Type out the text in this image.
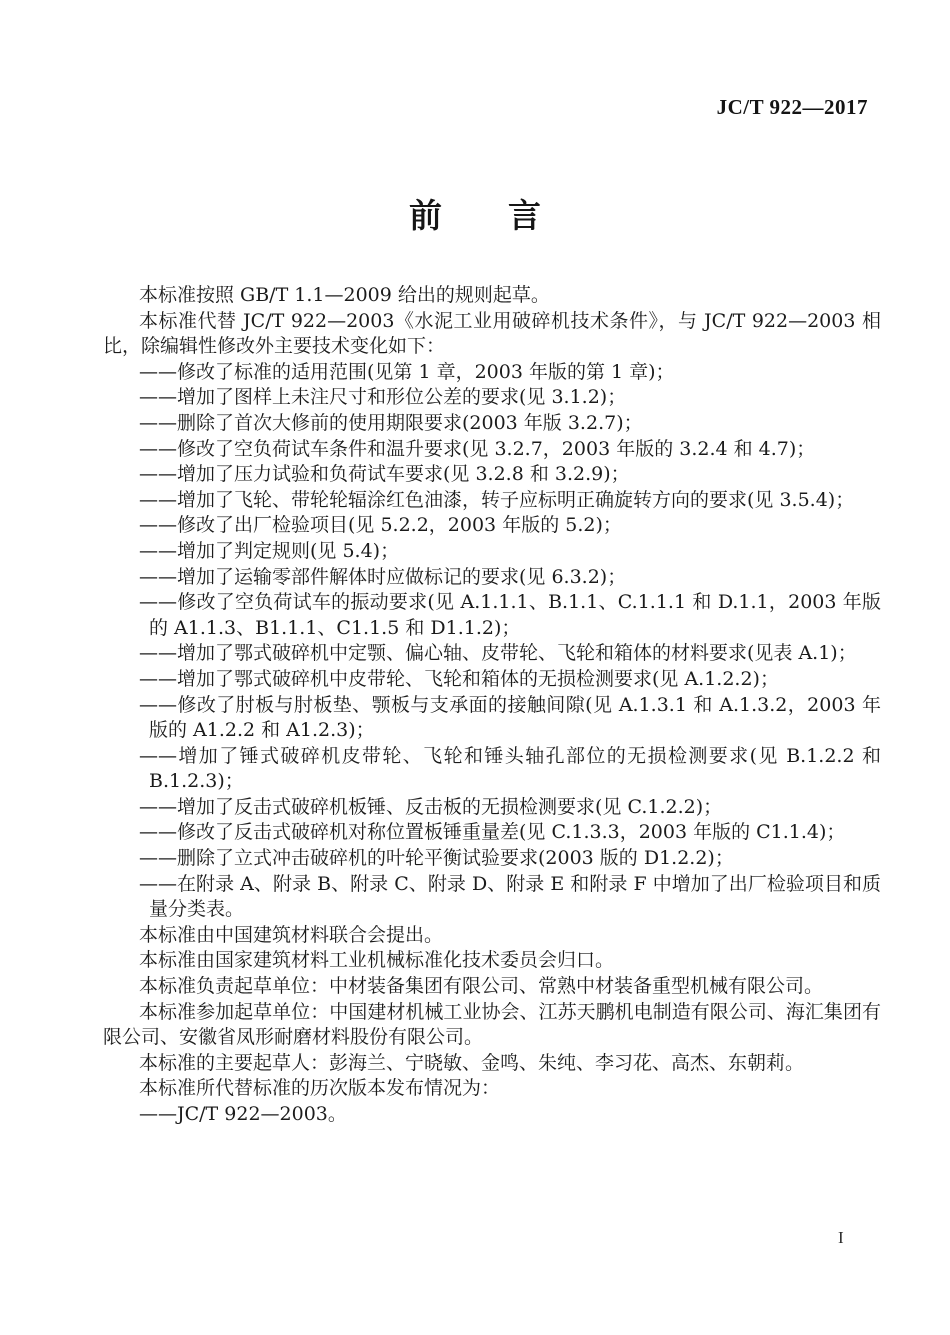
JC/T 922—2017
前　　言
本标准按照 GB/T 1.1—2009 给出的规则起草。
本标准代替 JC/T 922—2003《水泥工业用破碎机技术条件》，与 JC/T 922—2003 相比，除编辑性修改外主要技术变化如下：
——修改了标准的适用范围(见第 1 章，2003 年版的第 1 章)；
——增加了图样上未注尺寸和形位公差的要求(见 3.1.2)；
——删除了首次大修前的使用期限要求(2003 年版 3.2.7)；
——修改了空负荷试车条件和温升要求(见 3.2.7，2003 年版的 3.2.4 和 4.7)；
——增加了压力试验和负荷试车要求(见 3.2.8 和 3.2.9)；
——增加了飞轮、带轮轮辐涂红色油漆，转子应标明正确旋转方向的要求(见 3.5.4)；
——修改了出厂检验项目(见 5.2.2，2003 年版的 5.2)；
——增加了判定规则(见 5.4)；
——增加了运输零部件解体时应做标记的要求(见 6.3.2)；
——修改了空负荷试车的振动要求(见 A.1.1.1、B.1.1、C.1.1.1 和 D.1.1，2003 年版的 A1.1.3、B1.1.1、C1.1.5 和 D1.1.2)；
——增加了鄂式破碎机中定颚、偏心轴、皮带轮、飞轮和箱体的材料要求(见表 A.1)；
——增加了鄂式破碎机中皮带轮、飞轮和箱体的无损检测要求(见 A.1.2.2)；
——修改了肘板与肘板垫、颚板与支承面的接触间隙(见 A.1.3.1 和 A.1.3.2，2003 年版的 A1.2.2 和 A1.2.3)；
——增加了锤式破碎机皮带轮、飞轮和锤头轴孔部位的无损检测要求(见 B.1.2.2 和 B.1.2.3)；
——增加了反击式破碎机板锤、反击板的无损检测要求(见 C.1.2.2)；
——修改了反击式破碎机对称位置板锤重量差(见 C.1.3.3，2003 年版的 C1.1.4)；
——删除了立式冲击破碎机的叶轮平衡试验要求(2003 版的 D1.2.2)；
——在附录 A、附录 B、附录 C、附录 D、附录 E 和附录 F 中增加了出厂检验项目和质量分类表。
本标准由中国建筑材料联合会提出。
本标准由国家建筑材料工业机械标准化技术委员会归口。
本标准负责起草单位：中材装备集团有限公司、常熟中材装备重型机械有限公司。
本标准参加起草单位：中国建材机械工业协会、江苏天鹏机电制造有限公司、海汇集团有限公司、安徽省凤形耐磨材料股份有限公司。
本标准的主要起草人：彭海兰、宁晓敏、金鸣、朱纯、李习花、高杰、东朝莉。
本标准所代替标准的历次版本发布情况为：
——JC/T 922—2003。
I
